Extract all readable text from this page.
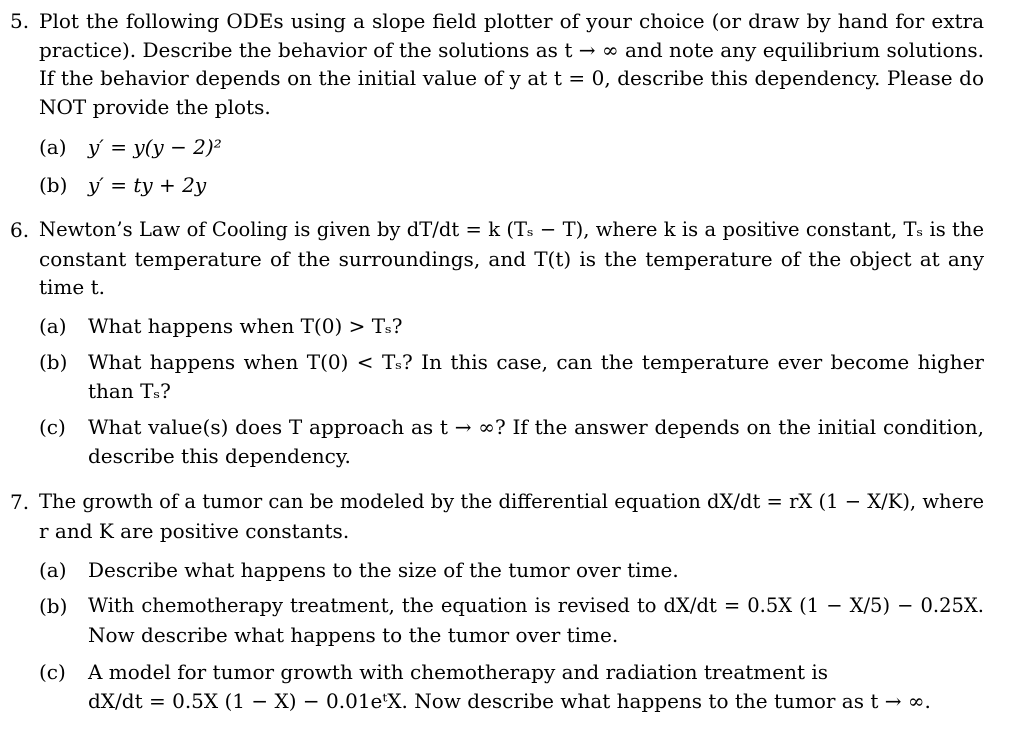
5. Plot the following ODEs using a slope field plotter of your choice (or draw by hand for extra
practice). Describe the behavior of the solutions as t → ∞ and note any equilibrium solutions.
If the behavior depends on the initial value of y at t = 0, describe this dependency. Please do
NOT provide the plots.
(a) y′ = y(y − 2)²
(b) y′ = ty + 2y
6. Newton’s Law of Cooling is given by dT/dt = k (Tₛ − T), where k is a positive constant, Tₛ is the
constant temperature of the surroundings, and T(t) is the temperature of the object at any
time t.
(a) What happens when T(0) > Tₛ?
(b) What happens when T(0) < Tₛ? In this case, can the temperature ever become higher
than Tₛ?
(c) What value(s) does T approach as t → ∞? If the answer depends on the initial condition,
describe this dependency.
7. The growth of a tumor can be modeled by the differential equation dX/dt = rX (1 − X/K), where
r and K are positive constants.
(a) Describe what happens to the size of the tumor over time.
(b) With chemotherapy treatment, the equation is revised to dX/dt = 0.5X (1 − X/5) − 0.25X.
Now describe what happens to the tumor over time.
(c) A model for tumor growth with chemotherapy and radiation treatment is
dX/dt = 0.5X (1 − X) − 0.01eᵗX. Now describe what happens to the tumor as t → ∞.
